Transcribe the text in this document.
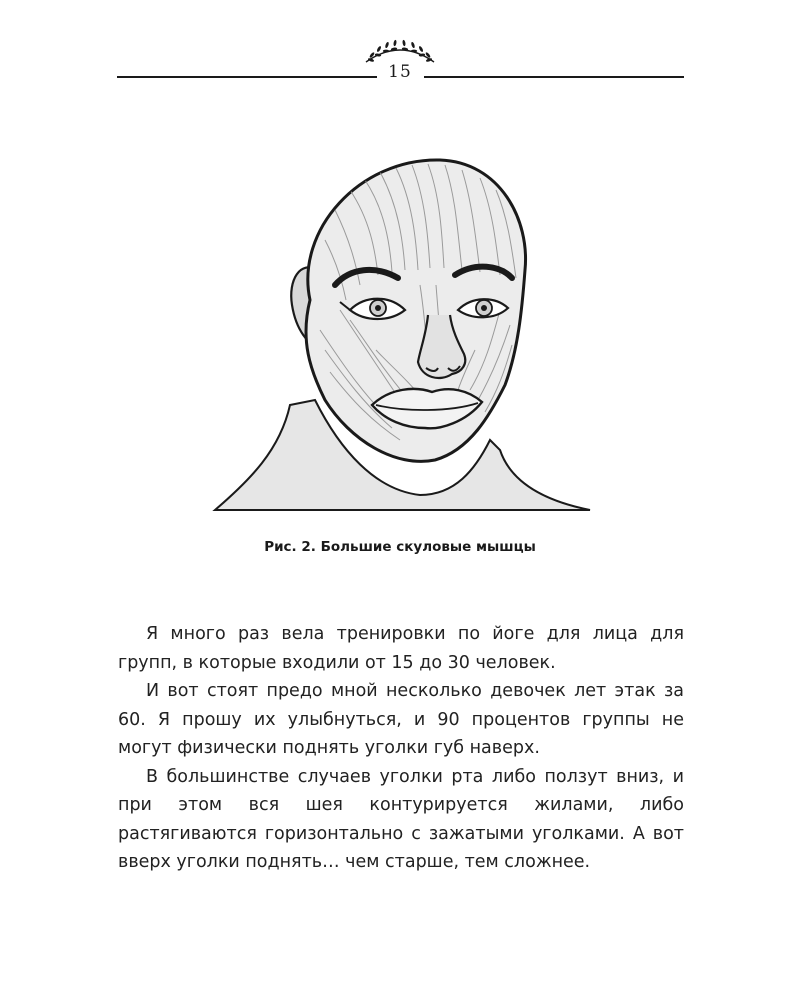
15
Рис. 2. Большие скуловые мышцы

Я много раз вела тренировки по йоге для лица для групп, в которые входили от 15 до 30 человек.

И вот стоят предо мной несколько девочек лет этак за 60. Я прошу их улыбнуться, и 90 процентов группы не могут физически поднять уголки губ наверх.

В большинстве случаев уголки рта либо ползут вниз, и при этом вся шея контурируется жилами, либо растягиваются горизонтально с зажатыми уголками. А вот вверх уголки поднять… чем старше, тем сложнее.
